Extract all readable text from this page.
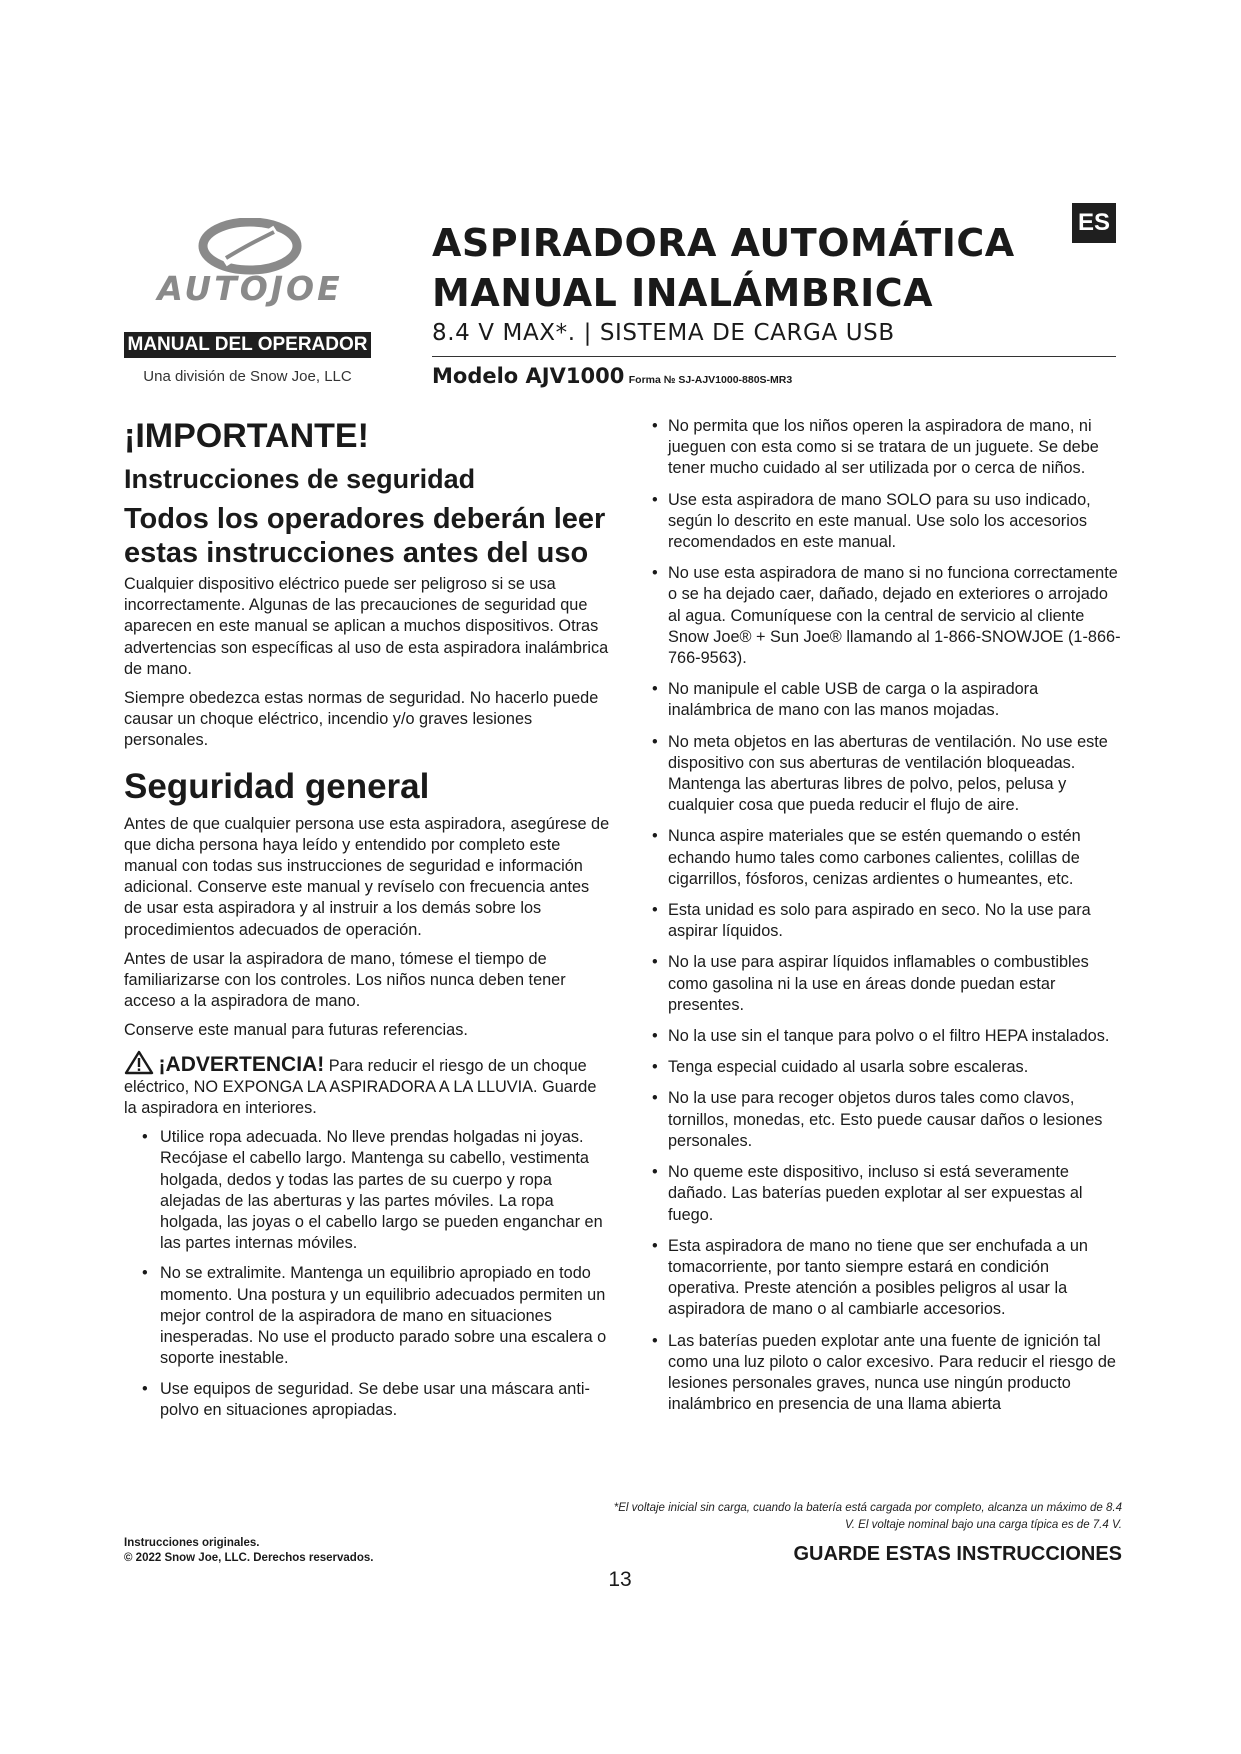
AUTOJOE
MANUAL DEL OPERADOR
Una división de Snow Joe, LLC
ASPIRADORA AUTOMÁTICA
MANUAL INALÁMBRICA
8.4 V MAX*. | SISTEMA DE CARGA USB
Modelo AJV1000 Forma № SJ-AJV1000-880S-MR3
ES
¡IMPORTANTE!
Instrucciones de seguridad
Todos los operadores deberán leer estas instrucciones antes del uso

Cualquier dispositivo eléctrico puede ser peligroso si se usa incorrectamente. Algunas de las precauciones de seguridad que aparecen en este manual se aplican a muchos dispositivos. Otras advertencias son específicas al uso de esta aspiradora inalámbrica de mano.

Siempre obedezca estas normas de seguridad. No hacerlo puede causar un choque eléctrico, incendio y/o graves lesiones personales.

Seguridad general

Antes de que cualquier persona use esta aspiradora, asegúrese de que dicha persona haya leído y entendido por completo este manual con todas sus instrucciones de seguridad e información adicional. Conserve este manual y revíselo con frecuencia antes de usar esta aspiradora y al instruir a los demás sobre los procedimientos adecuados de operación.

Antes de usar la aspiradora de mano, tómese el tiempo de familiarizarse con los controles. Los niños nunca deben tener acceso a la aspiradora de mano.

Conserve este manual para futuras referencias.

¡ADVERTENCIA! Para reducir el riesgo de un choque eléctrico, NO EXPONGA LA ASPIRADORA A LA LLUVIA. Guarde la aspiradora en interiores.

• Utilice ropa adecuada. No lleve prendas holgadas ni joyas. Recójase el cabello largo. Mantenga su cabello, vestimenta holgada, dedos y todas las partes de su cuerpo y ropa alejadas de las aberturas y las partes móviles. La ropa holgada, las joyas o el cabello largo se pueden enganchar en las partes internas móviles.
• No se extralimite. Mantenga un equilibrio apropiado en todo momento. Una postura y un equilibrio adecuados permiten un mejor control de la aspiradora de mano en situaciones inesperadas. No use el producto parado sobre una escalera o soporte inestable.
• Use equipos de seguridad. Se debe usar una máscara anti-polvo en situaciones apropiadas.
• No permita que los niños operen la aspiradora de mano, ni jueguen con esta como si se tratara de un juguete. Se debe tener mucho cuidado al ser utilizada por o cerca de niños.
• Use esta aspiradora de mano SOLO para su uso indicado, según lo descrito en este manual. Use solo los accesorios recomendados en este manual.
• No use esta aspiradora de mano si no funciona correctamente o se ha dejado caer, dañado, dejado en exteriores o arrojado al agua. Comuníquese con la central de servicio al cliente Snow Joe® + Sun Joe® llamando al 1-866-SNOWJOE (1-866-766-9563).
• No manipule el cable USB de carga o la aspiradora inalámbrica de mano con las manos mojadas.
• No meta objetos en las aberturas de ventilación. No use este dispositivo con sus aberturas de ventilación bloqueadas. Mantenga las aberturas libres de polvo, pelos, pelusa y cualquier cosa que pueda reducir el flujo de aire.
• Nunca aspire materiales que se estén quemando o estén echando humo tales como carbones calientes, colillas de cigarrillos, fósforos, cenizas ardientes o humeantes, etc.
• Esta unidad es solo para aspirado en seco. No la use para aspirar líquidos.
• No la use para aspirar líquidos inflamables o combustibles como gasolina ni la use en áreas donde puedan estar presentes.
• No la use sin el tanque para polvo o el filtro HEPA instalados.
• Tenga especial cuidado al usarla sobre escaleras.
• No la use para recoger objetos duros tales como clavos, tornillos, monedas, etc. Esto puede causar daños o lesiones personales.
• No queme este dispositivo, incluso si está severamente dañado. Las baterías pueden explotar al ser expuestas al fuego.
• Esta aspiradora de mano no tiene que ser enchufada a un tomacorriente, por tanto siempre estará en condición operativa. Preste atención a posibles peligros al usar la aspiradora de mano o al cambiarle accesorios.
• Las baterías pueden explotar ante una fuente de ignición tal como una luz piloto o calor excesivo. Para reducir el riesgo de lesiones personales graves, nunca use ningún producto inalámbrico en presencia de una llama abierta
*El voltaje inicial sin carga, cuando la batería está cargada por completo, alcanza un máximo de 8.4 V. El voltaje nominal bajo una carga típica es de 7.4 V.
Instrucciones originales.
© 2022 Snow Joe, LLC. Derechos reservados.	GUARDE ESTAS INSTRUCCIONES
13
